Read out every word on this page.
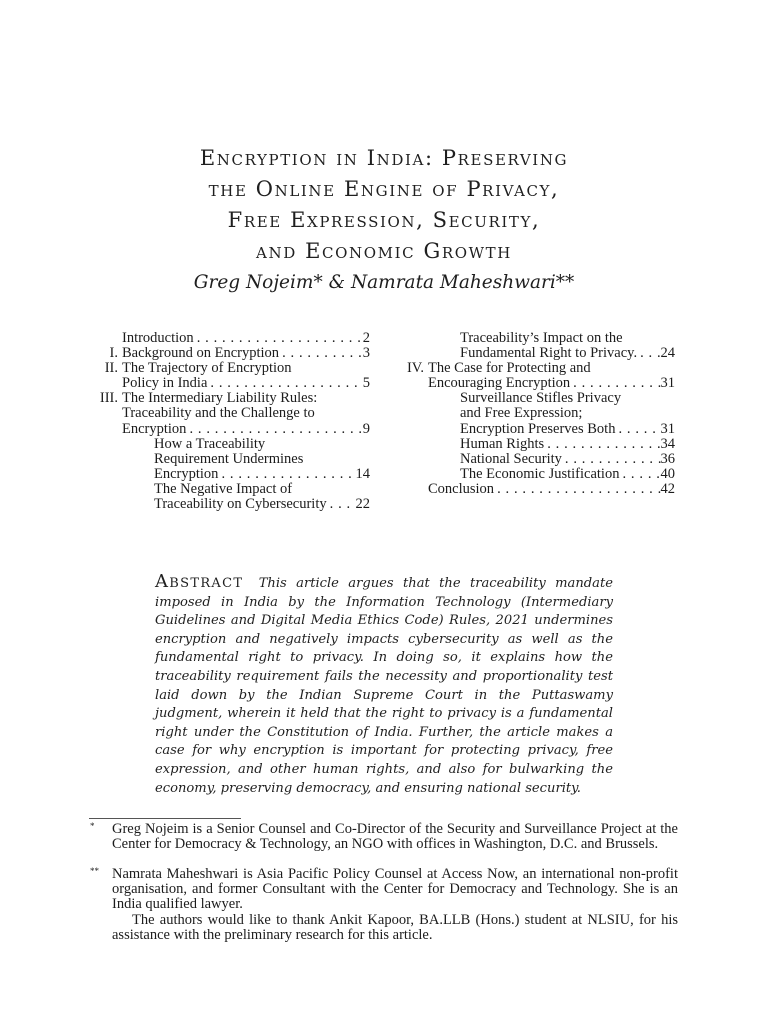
Encryption in India: Preserving
the Online Engine of Privacy,
Free Expression, Security,
and Economic Growth
Greg Nojeim* & Namrata Maheshwari**
Introduction . . .	2
I. Background on Encryption . . .	3
II. The Trajectory of Encryption
Policy in India . . .	5
III. The Intermediary Liability Rules:
Traceability and the Challenge to
Encryption . . .	9
How a Traceability
Requirement Undermines
Encryption . . .	14
The Negative Impact of
Traceability on Cybersecurity . . . 22
Traceability’s Impact on the
Fundamental Right to Privacy. . . . 24
IV. The Case for Protecting and
Encouraging Encryption . . .	31
Surveillance Stifles Privacy
and Free Expression;
Encryption Preserves Both . . .	31
Human Rights . . .	34
National Security . . .	36
The Economic Justification . . .	40
Conclusion . . .	42
Abstract This article argues that the traceability mandate imposed in India by the Information Technology (Intermediary Guidelines and Digital Media Ethics Code) Rules, 2021 undermines encryption and negatively impacts cybersecurity as well as the fundamental right to privacy. In doing so, it explains how the traceability requirement fails the necessity and proportionality test laid down by the Indian Supreme Court in the Puttaswamy judgment, wherein it held that the right to privacy is a fundamental right under the Constitution of India. Further, the article makes a case for why encryption is important for protecting privacy, free expression, and other human rights, and also for bulwarking the economy, preserving democracy, and ensuring national security.
* Greg Nojeim is a Senior Counsel and Co-Director of the Security and Surveillance Project at the Center for Democracy & Technology, an NGO with offices in Washington, D.C. and Brussels.
** Namrata Maheshwari is Asia Pacific Policy Counsel at Access Now, an international non-profit organisation, and former Consultant with the Center for Democracy and Technology. She is an India qualified lawyer.
The authors would like to thank Ankit Kapoor, BA.LLB (Hons.) student at NLSIU, for his assistance with the preliminary research for this article.
